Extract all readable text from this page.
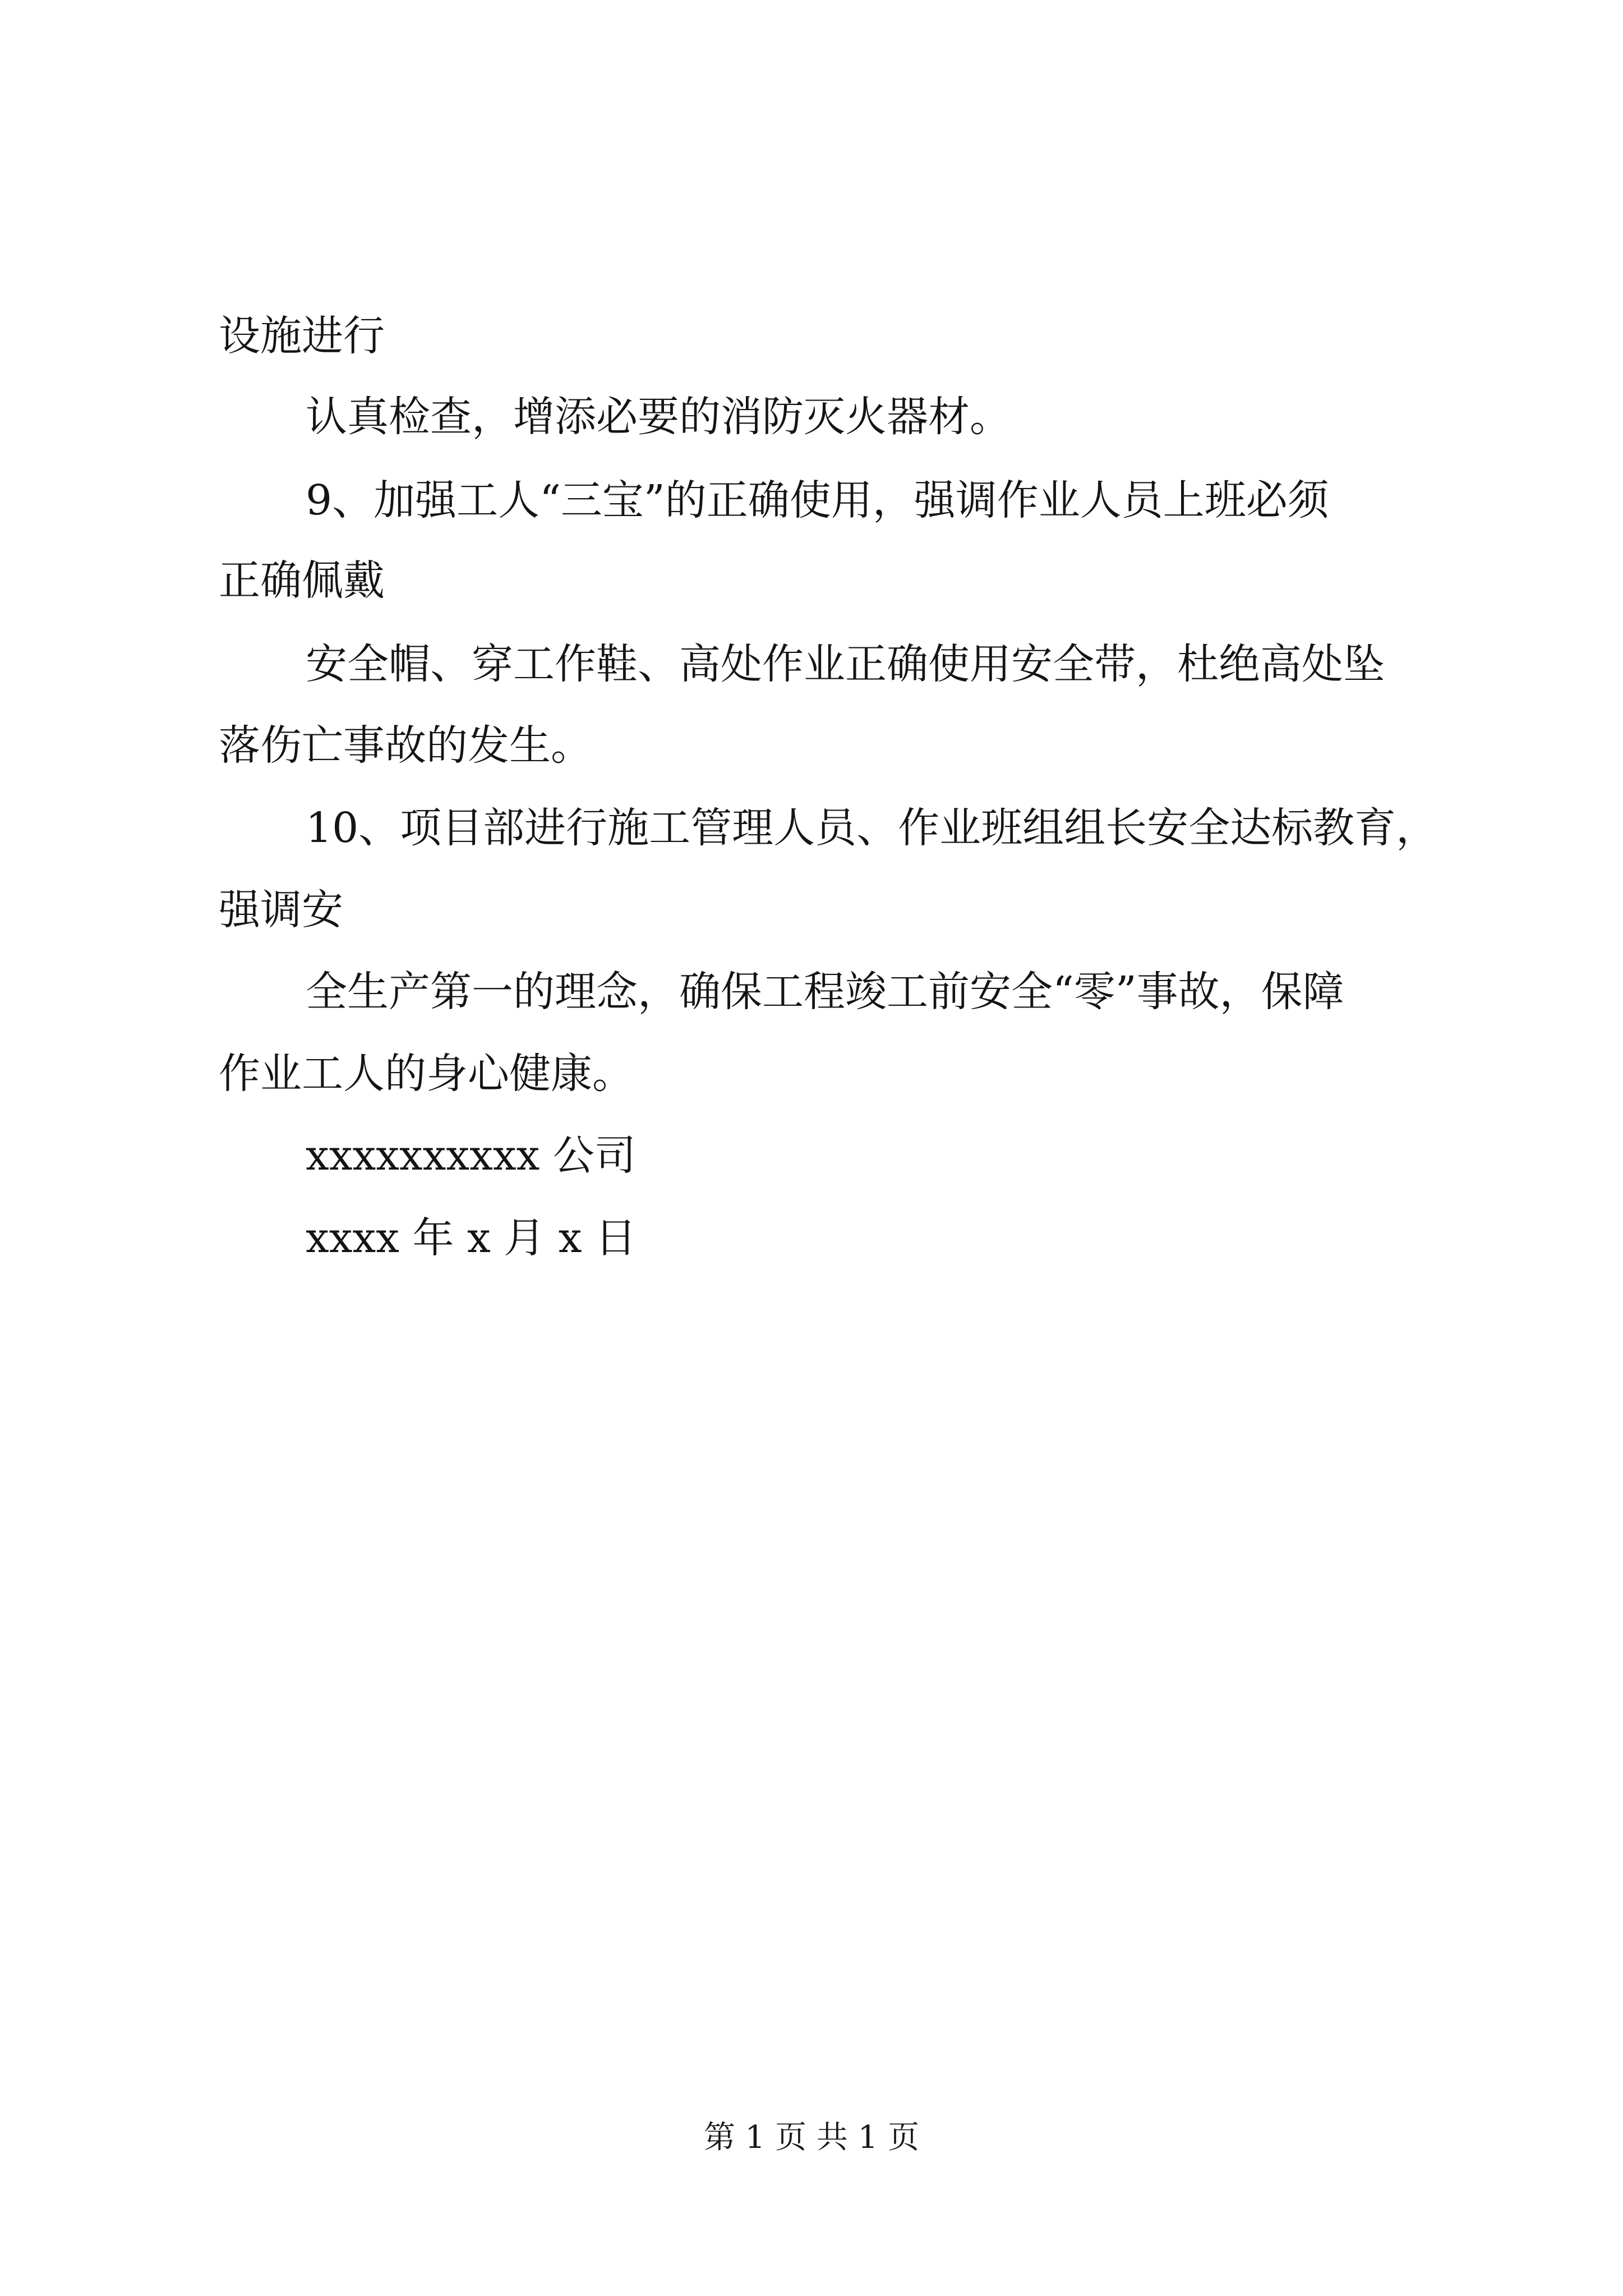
设施进行
认真检查，增添必要的消防灭火器材。
9、加强工人“三宝”的正确使用，强调作业人员上班必须
正确佩戴
安全帽、穿工作鞋、高处作业正确使用安全带，杜绝高处坠
落伤亡事故的发生。
10、项目部进行施工管理人员、作业班组组长安全达标教育，
强调安
全生产第一的理念，确保工程竣工前安全“零”事故，保障
作业工人的身心健康。
xxxxxxxxxx 公司
xxxx 年 x 月 x 日
第 1 页 共 1 页
